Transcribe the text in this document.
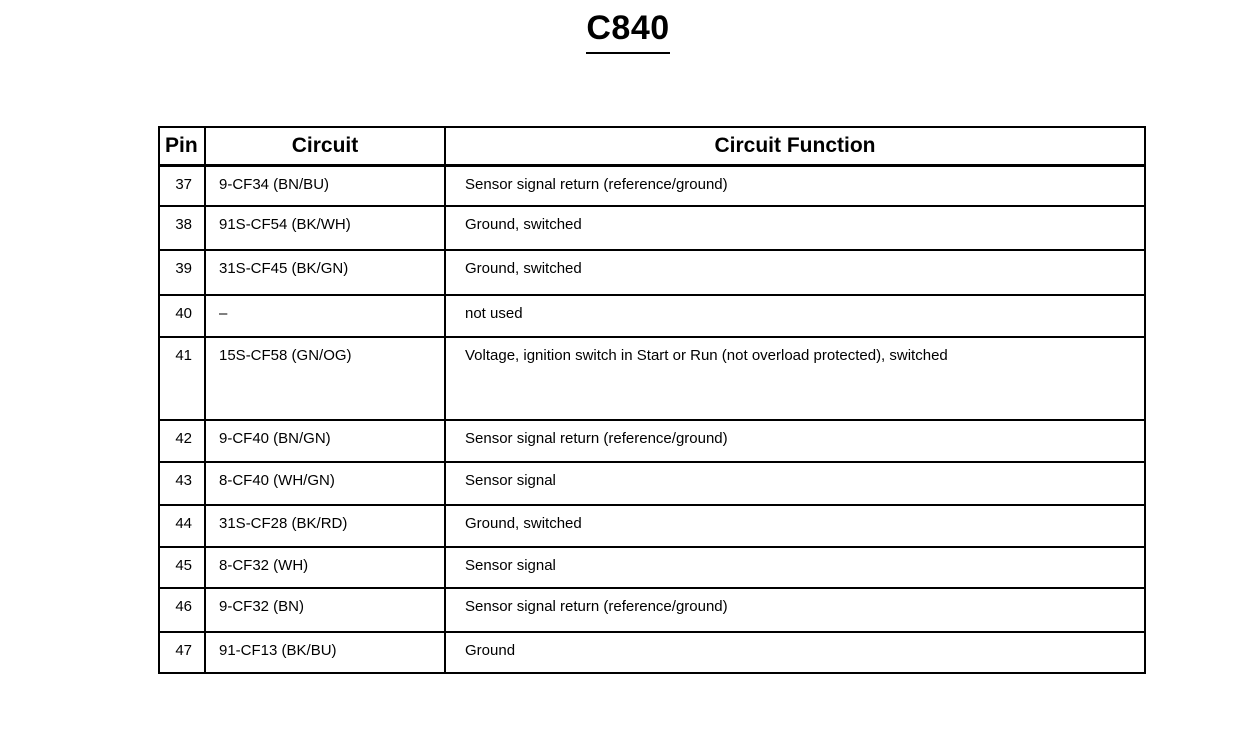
C840
Pin	Circuit	Circuit Function
37	9-CF34 (BN/BU)	Sensor signal return (reference/ground)
38	91S-CF54 (BK/WH)	Ground, switched
39	31S-CF45 (BK/GN)	Ground, switched
40	–	not used
41	15S-CF58 (GN/OG)	Voltage, ignition switch in Start or Run (not overload protected), switched
42	9-CF40 (BN/GN)	Sensor signal return (reference/ground)
43	8-CF40 (WH/GN)	Sensor signal
44	31S-CF28 (BK/RD)	Ground, switched
45	8-CF32 (WH)	Sensor signal
46	9-CF32 (BN)	Sensor signal return (reference/ground)
47	91-CF13 (BK/BU)	Ground
